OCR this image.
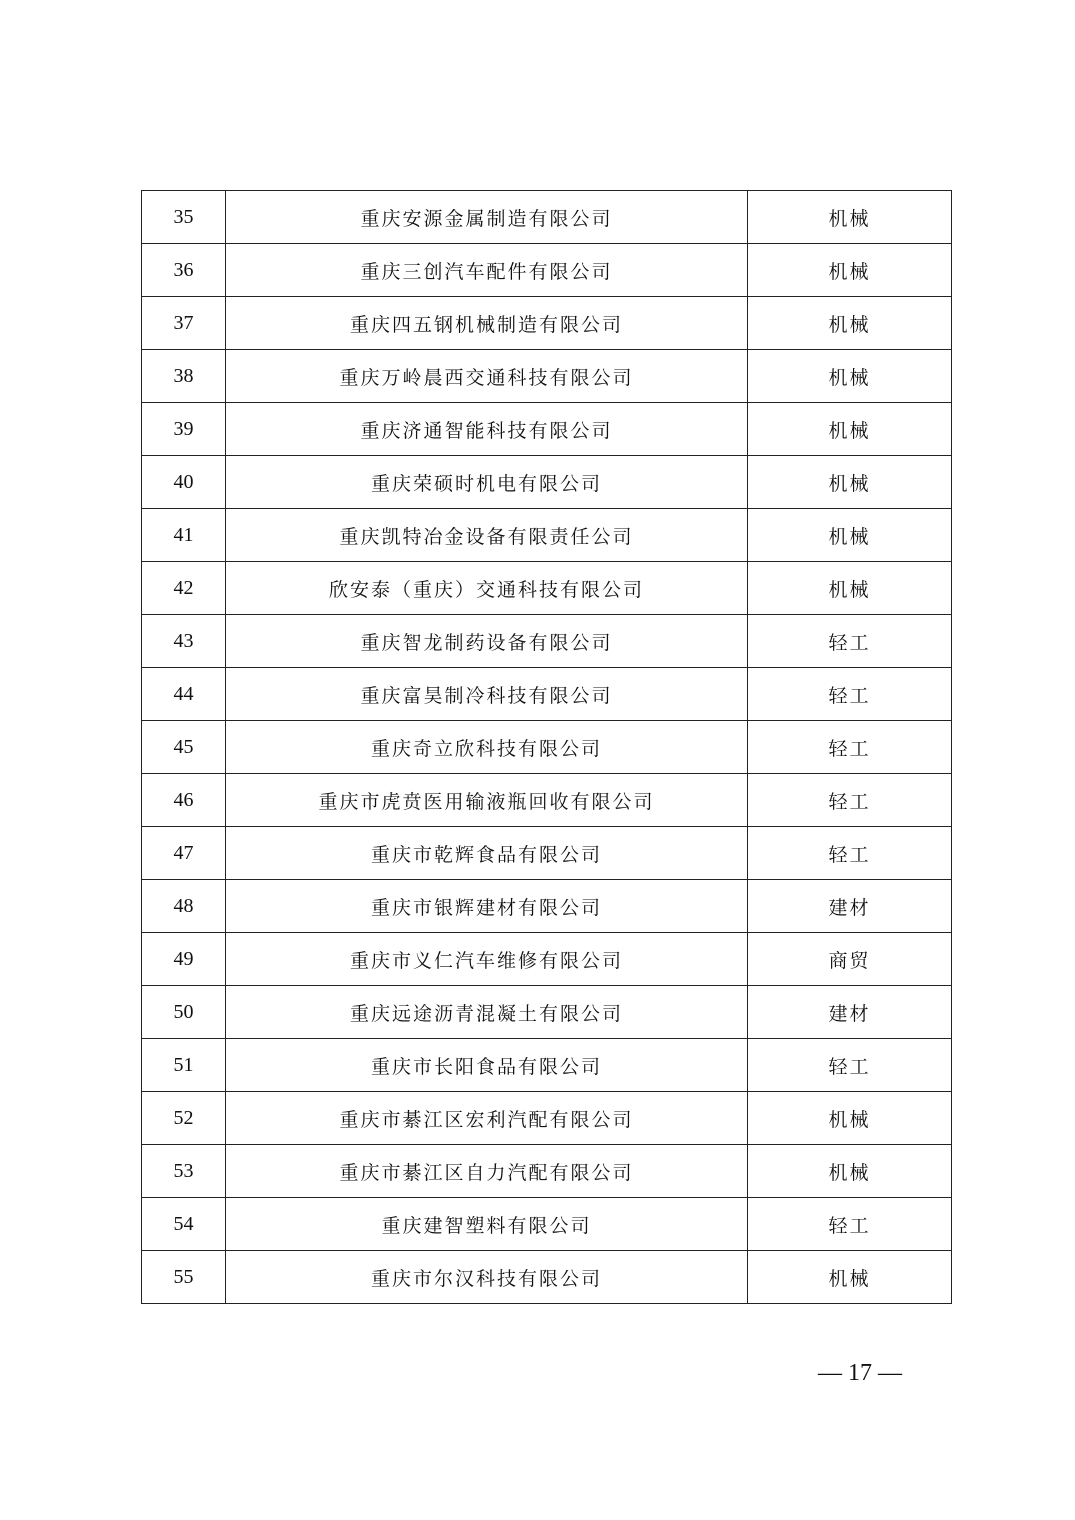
35	重庆安源金属制造有限公司	机械
36	重庆三创汽车配件有限公司	机械
37	重庆四五钢机械制造有限公司	机械
38	重庆万岭晨西交通科技有限公司	机械
39	重庆济通智能科技有限公司	机械
40	重庆荣硕时机电有限公司	机械
41	重庆凯特冶金设备有限责任公司	机械
42	欣安泰（重庆）交通科技有限公司	机械
43	重庆智龙制药设备有限公司	轻工
44	重庆富昊制冷科技有限公司	轻工
45	重庆奇立欣科技有限公司	轻工
46	重庆市虎贲医用输液瓶回收有限公司	轻工
47	重庆市乾辉食品有限公司	轻工
48	重庆市银辉建材有限公司	建材
49	重庆市义仁汽车维修有限公司	商贸
50	重庆远途沥青混凝土有限公司	建材
51	重庆市长阳食品有限公司	轻工
52	重庆市綦江区宏利汽配有限公司	机械
53	重庆市綦江区自力汽配有限公司	机械
54	重庆建智塑料有限公司	轻工
55	重庆市尔汉科技有限公司	机械
— 17 —
